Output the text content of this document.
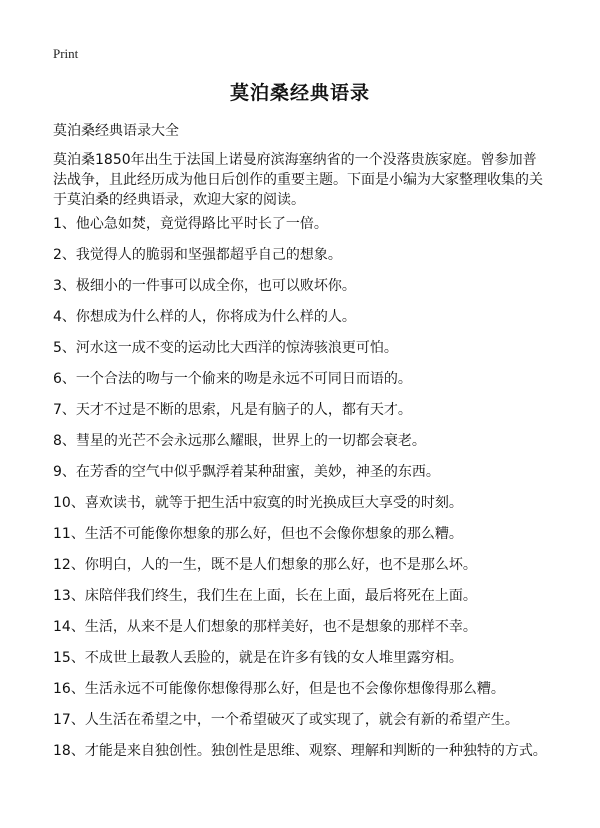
Print
莫泊桑经典语录

莫泊桑经典语录大全

莫泊桑1850年出生于法国上诺曼府滨海塞纳省的一个没落贵族家庭。曾参加普法战争，且此经历成为他日后创作的重要主题。下面是小编为大家整理收集的关于莫泊桑的经典语录，欢迎大家的阅读。

1、他心急如焚，竟觉得路比平时长了一倍。
2、我觉得人的脆弱和坚强都超乎自己的想象。
3、极细小的一件事可以成全你，也可以败坏你。
4、你想成为什么样的人，你将成为什么样的人。
5、河水这一成不变的运动比大西洋的惊涛骇浪更可怕。
6、一个合法的吻与一个偷来的吻是永远不可同日而语的。
7、天才不过是不断的思索，凡是有脑子的人，都有天才。
8、彗星的光芒不会永远那么耀眼，世界上的一切都会衰老。
9、在芳香的空气中似乎飘浮着某种甜蜜，美妙，神圣的东西。
10、喜欢读书，就等于把生活中寂寞的时光换成巨大享受的时刻。
11、生活不可能像你想象的那么好，但也不会像你想象的那么糟。
12、你明白，人的一生，既不是人们想象的那么好，也不是那么坏。
13、床陪伴我们终生，我们生在上面，长在上面，最后将死在上面。
14、生活，从来不是人们想象的那样美好，也不是想象的那样不幸。
15、不成世上最教人丢脸的，就是在许多有钱的女人堆里露穷相。
16、生活永远不可能像你想像得那么好，但是也不会像你想像得那么糟。
17、人生活在希望之中，一个希望破灭了或实现了，就会有新的希望产生。
18、才能是来自独创性。独创性是思维、观察、理解和判断的一种独特的方式。
